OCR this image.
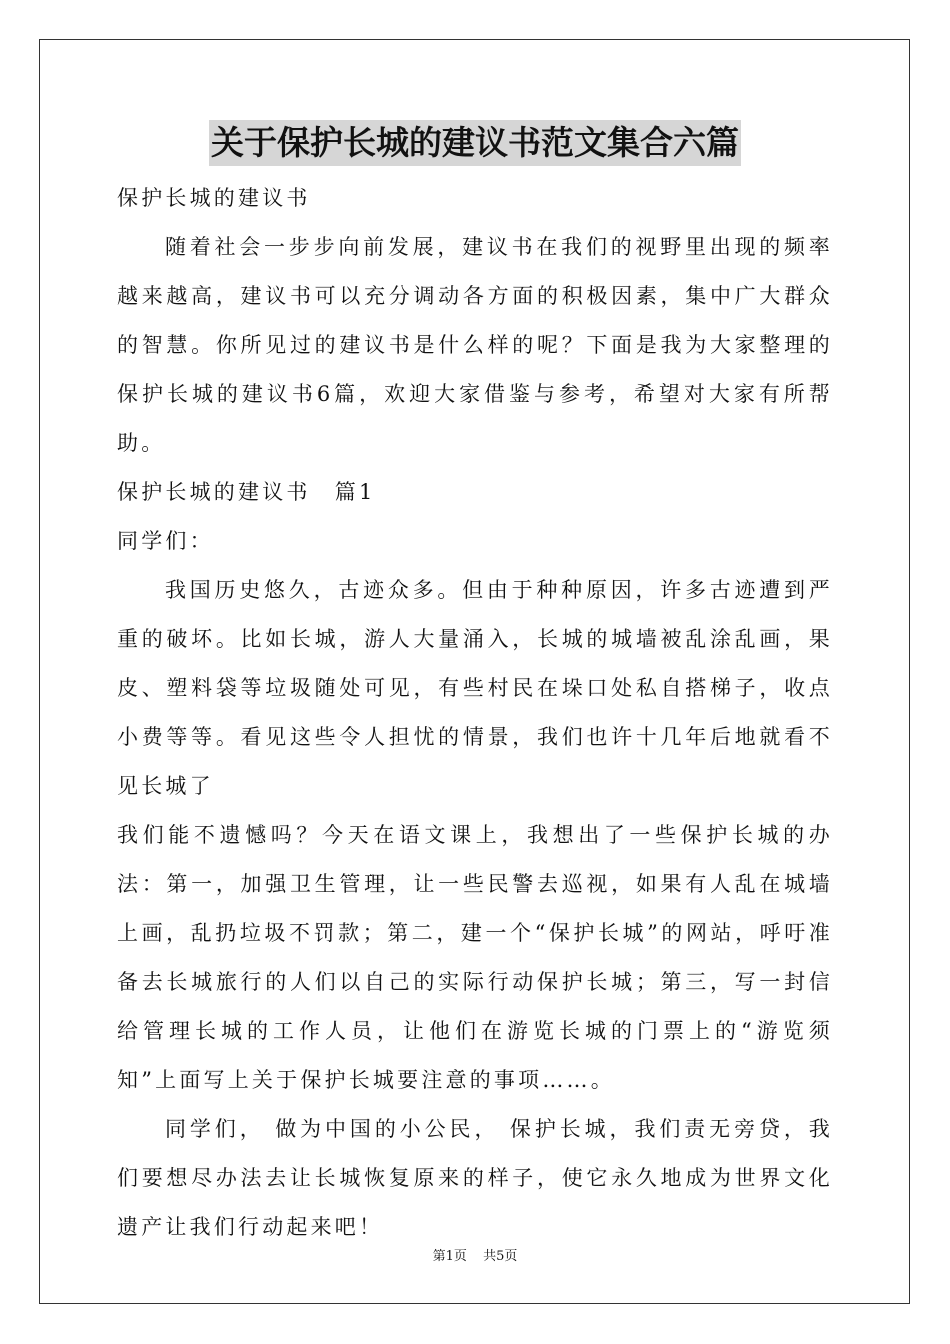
关于保护长城的建议书范文集合六篇
保护长城的建议书

随着社会一步步向前发展，建议书在我们的视野里出现的频率越来越高，建议书可以充分调动各方面的积极因素，集中广大群众的智慧。你所见过的建议书是什么样的呢？下面是我为大家整理的保护长城的建议书6篇，欢迎大家借鉴与参考，希望对大家有所帮助。

保护长城的建议书　篇1
同学们：

我国历史悠久，古迹众多。但由于种种原因，许多古迹遭到严重的破坏。比如长城，游人大量涌入，长城的城墙被乱涂乱画，果皮、塑料袋等垃圾随处可见，有些村民在垛口处私自搭梯子，收点小费等等。看见这些令人担忧的情景，我们也许十几年后地就看不见长城了

我们能不遗憾吗？今天在语文课上，我想出了一些保护长城的办法：第一，加强卫生管理，让一些民警去巡视，如果有人乱在城墙上画，乱扔垃圾不罚款；第二，建一个“保护长城”的网站，呼吁准备去长城旅行的人们以自己的实际行动保护长城；第三，写一封信给管理长城的工作人员，让他们在游览长城的门票上的“游览须知”上面写上关于保护长城要注意的事项……。

同学们， 做为中国的小公民， 保护长城，我们责无旁贷，我们要想尽办法去让长城恢复原来的样子，使它永久地成为世界文化遗产让我们行动起来吧！

第1页 共5页
